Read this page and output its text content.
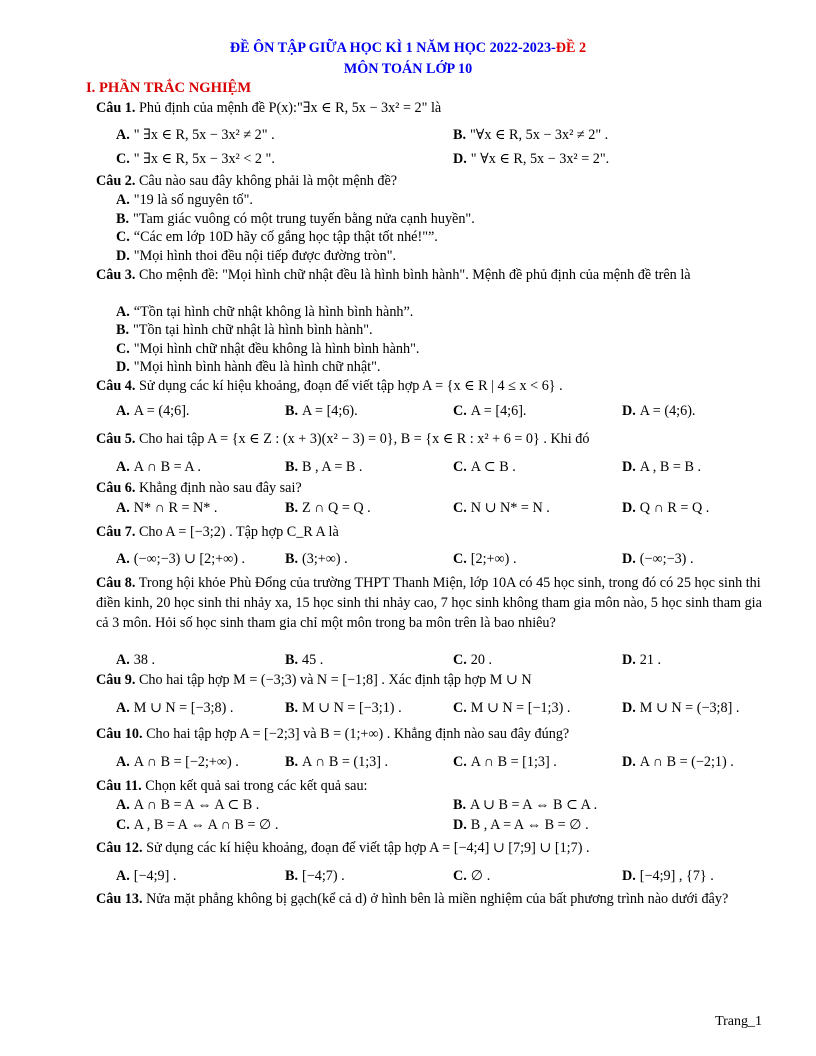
ĐỀ ÔN TẬP GIỮA HỌC KÌ 1 NĂM HỌC 2022-2023-ĐỀ 2
MÔN TOÁN LỚP 10
I. PHẦN TRẮC NGHIỆM
Câu 1. Phủ định của mệnh đề P(x):"∃x ∈ R, 5x − 3x² = 2" là
A. " ∃x ∈ R, 5x − 3x² ≠ 2" .	B. "∀x ∈ R, 5x − 3x² ≠ 2" .
C. " ∃x ∈ R, 5x − 3x² < 2 ".	D. " ∀x ∈ R, 5x − 3x² = 2".
Câu 2. Câu nào sau đây không phải là một mệnh đề?
A. "19 là số nguyên tố".
B. "Tam giác vuông có một trung tuyến bằng nửa cạnh huyền".
C. “Các em lớp 10D hãy cố gắng học tập thật tốt nhé!"”.
D. "Mọi hình thoi đều nội tiếp được đường tròn".
Câu 3. Cho mệnh đề: "Mọi hình chữ nhật đều là hình bình hành". Mệnh đề phủ định của mệnh đề trên là
A. “Tồn tại hình chữ nhật không là hình bình hành”.
B. "Tồn tại hình chữ nhật là hình bình hành".
C. "Mọi hình chữ nhật đều không là hình bình hành".
D. "Mọi hình bình hành đều là hình chữ nhật".
Câu 4. Sử dụng các kí hiệu khoảng, đoạn để viết tập hợp A = {x ∈ R | 4 ≤ x < 6} .
A. A = (4;6].	B. A = [4;6).	C. A = [4;6].	D. A = (4;6).
Câu 5. Cho hai tập A = {x ∈ Z : (x + 3)(x² − 3) = 0}, B = {x ∈ R : x² + 6 = 0} . Khi đó
A. A ∩ B = A .	B. B , A = B .	C. A ⊂ B .	D. A , B = B .
Câu 6. Khẳng định nào sau đây sai?
A. N* ∩ R = N* .	B. Z ∩ Q = Q .	C. N ∪ N* = N .	D. Q ∩ R = Q .
Câu 7. Cho A = [−3;2) . Tập hợp C_R A là
A. (−∞;−3) ∪ [2;+∞) .	B. (3;+∞) .	C. [2;+∞) .	D. (−∞;−3) .
Câu 8. Trong hội khỏe Phù Đổng của trường THPT Thanh Miện, lớp 10A có 45 học sinh, trong đó có 25 học sinh thi điền kinh, 20 học sinh thi nhảy xa, 15 học sinh thi nhảy cao, 7 học sinh không tham gia môn nào, 5 học sinh tham gia cả 3 môn. Hỏi số học sinh tham gia chỉ một môn trong ba môn trên là bao nhiêu?
A. 38 .	B. 45 .	C. 20 .	D. 21 .
Câu 9. Cho hai tập hợp M = (−3;3) và N = [−1;8] . Xác định tập hợp M ∪ N
A. M ∪ N = [−3;8) .	B. M ∪ N = [−3;1) .	C. M ∪ N = [−1;3) .	D. M ∪ N = (−3;8] .
Câu 10. Cho hai tập hợp A = [−2;3] và B = (1;+∞) . Khẳng định nào sau đây đúng?
A. A ∩ B = [−2;+∞) .	B. A ∩ B = (1;3] .	C. A ∩ B = [1;3] .	D. A ∩ B = (−2;1) .
Câu 11. Chọn kết quả sai trong các kết quả sau:
A. A ∩ B = A ⇔ A ⊂ B .	B. A ∪ B = A ⇔ B ⊂ A .
C. A , B = A ⇔ A ∩ B = ∅ .	D. B , A = A ⇔ B = ∅ .
Câu 12. Sử dụng các kí hiệu khoảng, đoạn để viết tập hợp A = [−4;4] ∪ [7;9] ∪ [1;7) .
A. [−4;9] .	B. [−4;7) .	C. ∅ .	D. [−4;9] , {7} .
Câu 13. Nửa mặt phẳng không bị gạch(kể cả d) ở hình bên là miền nghiệm của bất phương trình nào dưới đây?
Trang_1
